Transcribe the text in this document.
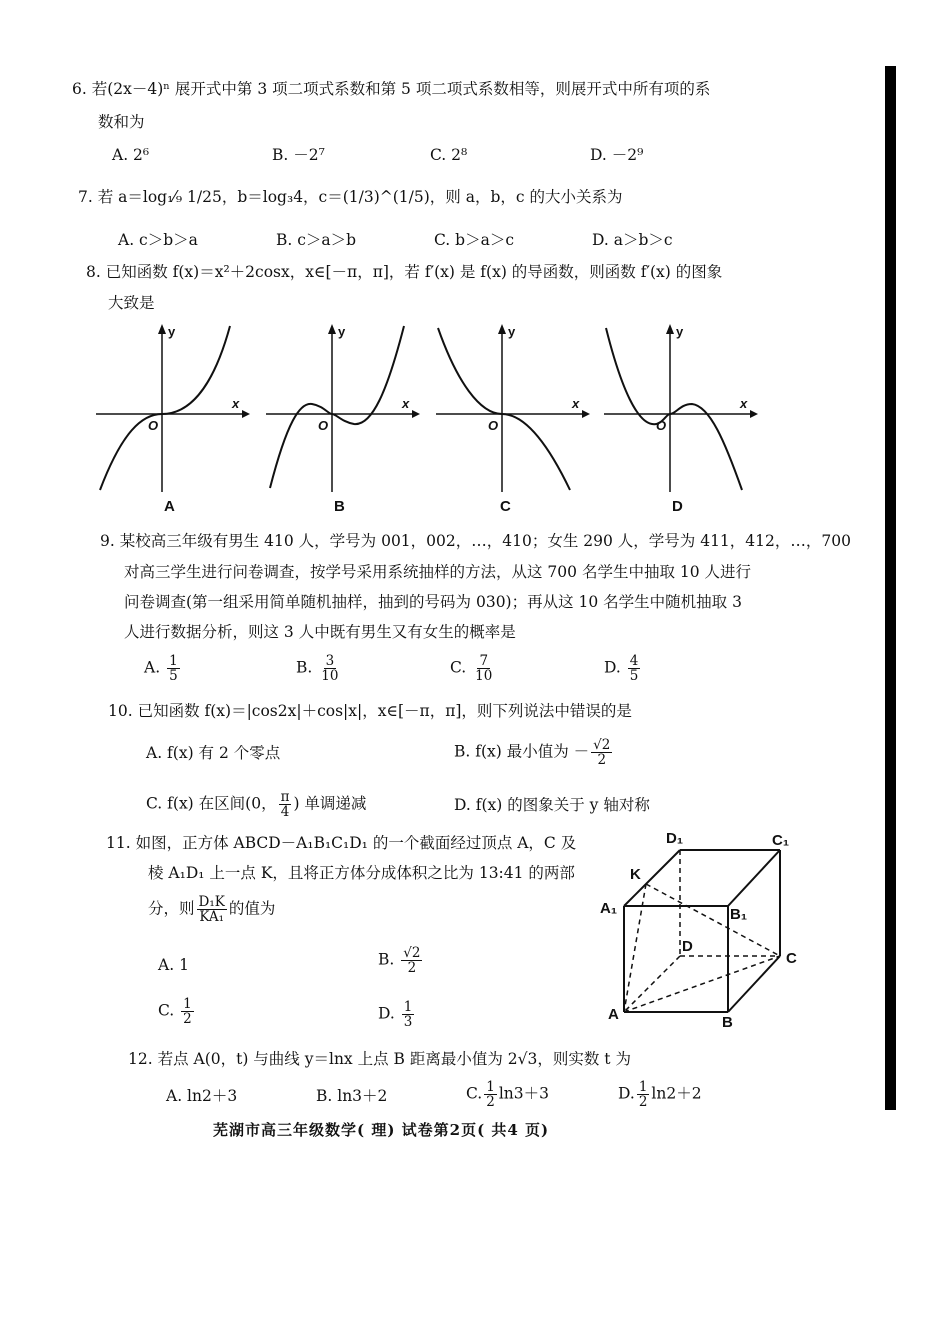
6. 若(2x－4)ⁿ 展开式中第 3 项二项式系数和第 5 项二项式系数相等，则展开式中所有项的系
数和为
A. 2⁶	B. －2⁷	C. 2⁸	D. －2⁹
7. 若 a＝log₁⁄₉ 1/25，b＝log₃4，c＝(1/3)^(1/5)，则 a，b，c 的大小关系为
A. c＞b＞a	B. c＞a＞b	C. b＞a＞c	D. a＞b＞c
8. 已知函数 f(x)＝x²＋2cosx，x∈[－π，π]，若 f′(x) 是 f(x) 的导函数，则函数 f′(x) 的图象
大致是
y
x
O
A
y
x
O
B
y
x
O
C
y
x
O
D
9. 某校高三年级有男生 410 人，学号为 001，002，…，410；女生 290 人，学号为 411，412，…，700
对高三学生进行问卷调查，按学号采用系统抽样的方法，从这 700 名学生中抽取 10 人进行
问卷调查(第一组采用简单随机抽样，抽到的号码为 030)；再从这 10 名学生中随机抽取 3
人进行数据分析，则这 3 人中既有男生又有女生的概率是
A. $\frac{1}{5}$	B. $\frac{3}{10}$	C. $\frac{7}{10}$	D. $\frac{4}{5}$
10. 已知函数 f(x)＝|cos2x|＋cos|x|，x∈[－π，π]，则下列说法中错误的是
A. f(x) 有 2 个零点	B. f(x) 最小值为 － $\frac{√2}{2}$
C. f(x) 在区间(0， $\frac{\pi}{4}$ ) 单调递减	D. f(x) 的图象关于 y 轴对称
11. 如图，正方体 ABCD－A₁B₁C₁D₁ 的一个截面经过顶点 A，C 及
棱 A₁D₁ 上一点 K，且将正方体分成体积之比为 13:41 的两部
分，则 $\frac{\text{D₁K}}{\text{KA₁}}$ 的值为
A. 1	B. $\frac{√2}{2}$
C. $\frac{1}{2}$	D. $\frac{1}{3}$
D₁	C₁
K
A₁	B₁
D
C
A	B
12. 若点 A(0，t) 与曲线 y＝lnx 上点 B 距离最小值为 2√3，则实数 t 为
A. ln2＋3	B. ln3＋2	C. $\frac{1}{2} \ln 3+3$	D. $\frac{1}{2} \ln 2+2$
芜湖市高三年级数学( 理) 试卷第2页( 共4 页)
